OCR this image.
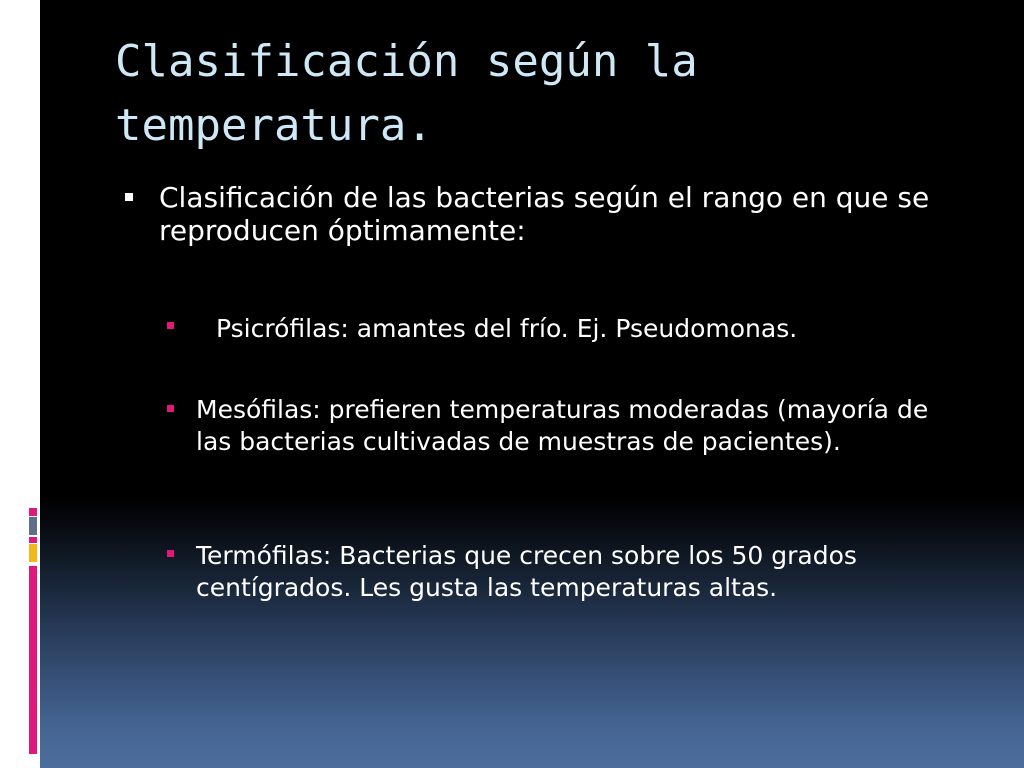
Clasificación según la temperatura.
Clasificación de las bacterias según el rango en que se reproducen óptimamente:
Psicrófilas: amantes del frío. Ej. Pseudomonas.
Mesófilas: prefieren temperaturas moderadas (mayoría de las bacterias cultivadas de muestras de pacientes).
Termófilas: Bacterias que crecen sobre los 50 grados centígrados. Les gusta las temperaturas altas.
